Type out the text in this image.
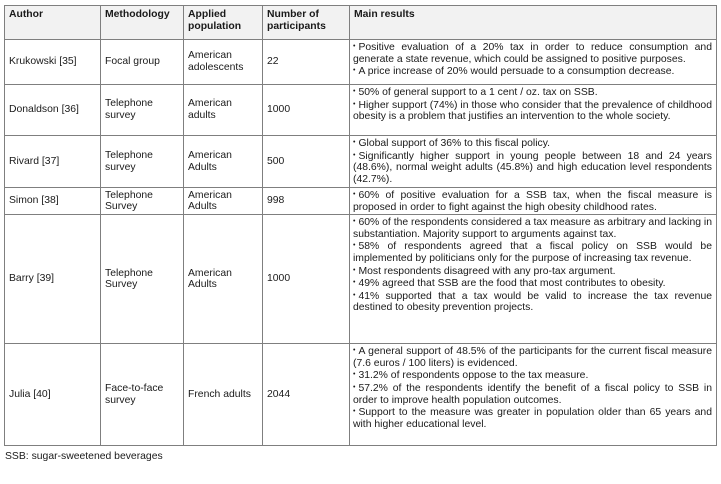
Author	Methodology	Applied population	Number of participants	Main results
Krukowski [35]	Focal group	American adolescents	22	• Positive evaluation of a 20% tax in order to reduce consumption and generate a state revenue, which could be assigned to positive purposes.
• A price increase of 20% would persuade to a consumption decrease.

Donaldson [36]	Telephone survey	American adults	1000	• 50% of general support to a 1 cent / oz. tax on SSB.
• Higher support (74%) in those who consider that the prevalence of childhood obesity is a problem that justifies an intervention to the whole society.

Rivard [37]	Telephone survey	American Adults	500	• Global support of 36% to this fiscal policy.
• Significantly higher support in young people between 18 and 24 years (48.6%), normal weight adults (45.8%) and high education level respondents (42.7%).

Simon [38]	Telephone Survey	American Adults	998	• 60% of positive evaluation for a SSB tax, when the fiscal measure is proposed in order to fight against the high obesity childhood rates.

Barry [39]	Telephone Survey	American Adults	1000	• 60% of the respondents considered a tax measure as arbitrary and lacking in substantiation. Majority support to arguments against tax.
• 58% of respondents agreed that a fiscal policy on SSB would be implemented by politicians only for the purpose of increasing tax revenue.
• Most respondents disagreed with any pro-tax argument.
• 49% agreed that SSB are the food that most contributes to obesity.
• 41% supported that a tax would be valid to increase the tax revenue destined to obesity prevention projects.

Julia [40]	Face-to-face survey	French adults	2044	• A general support of 48.5% of the participants for the current fiscal measure (7.6 euros / 100 liters) is evidenced.
• 31.2% of respondents oppose to the tax measure.
• 57.2% of the respondents identify the benefit of a fiscal policy to SSB in order to improve health population outcomes.
• Support to the measure was greater in population older than 65 years and with higher educational level.
SSB: sugar-sweetened beverages
